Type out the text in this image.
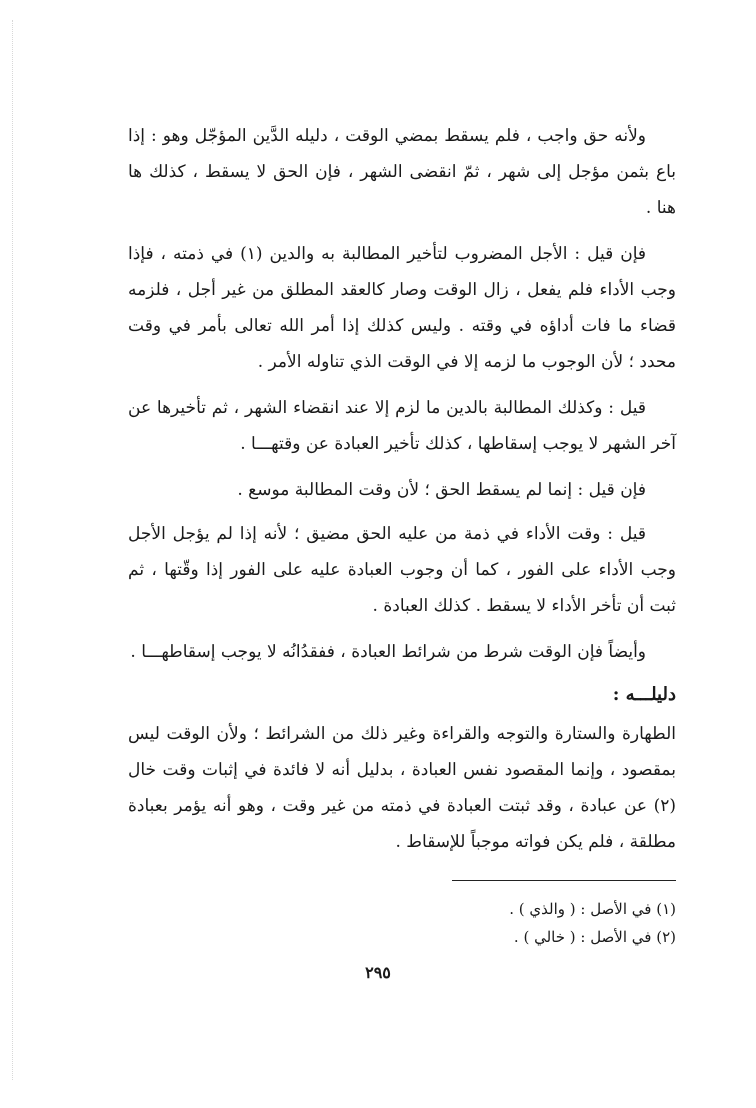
ولأنه حق واجب ، فلم يسقط بمضي الوقت ، دليله الدَّين المؤجّل وهو : إذا باع بثمن مؤجل إلى شهر ، ثمّ انقضى الشهر ، فإن الحق لا يسقط ، كذلك ها هنا .

فإن قيل : الأجل المضروب لتأخير المطالبة به والدين (١) في ذمته ، فإذا وجب الأداء فلم يفعل ، زال الوقت وصار كالعقد المطلق من غير أجل ، فلزمه قضاء ما فات أداؤه في وقته . وليس كذلك إذا أمر الله تعالى بأمر في وقت محدد ؛ لأن الوجوب ما لزمه إلا في الوقت الذي تناوله الأمر .

قيل : وكذلك المطالبة بالدين ما لزم إلا عند انقضاء الشهر ، ثم تأخيرها عن آخر الشهر لا يوجب إسقاطها ، كذلك تأخير العبادة عن وقتهـــا .

فإن قيل : إنما لم يسقط الحق ؛ لأن وقت المطالبة موسع .

قيل : وقت الأداء في ذمة من عليه الحق مضيق ؛ لأنه إذا لم يؤجل الأجل وجب الأداء على الفور ، كما أن وجوب العبادة عليه على الفور إذا وقّتها ، ثم ثبت أن تأخر الأداء لا يسقط . كذلك العبادة .

وأيضاً فإن الوقت شرط من شرائط العبادة ، ففقدُانُه لا يوجب إسقاطهـــا .

دليلـــه :

الطهارة والستارة والتوجه والقراءة وغير ذلك من الشرائط ؛ ولأن الوقت ليس بمقصود ، وإنما المقصود نفس العبادة ، بدليل أنه لا فائدة في إثبات وقت خال (٢) عن عبادة ، وقد ثبتت العبادة في ذمته من غير وقت ، وهو أنه يؤمر بعبادة مطلقة ، فلم يكن فواته موجباً للإسقاط .

(١) في الأصل : ( والذي ) .

(٢) في الأصل : ( خالي ) .

٢٩٥
